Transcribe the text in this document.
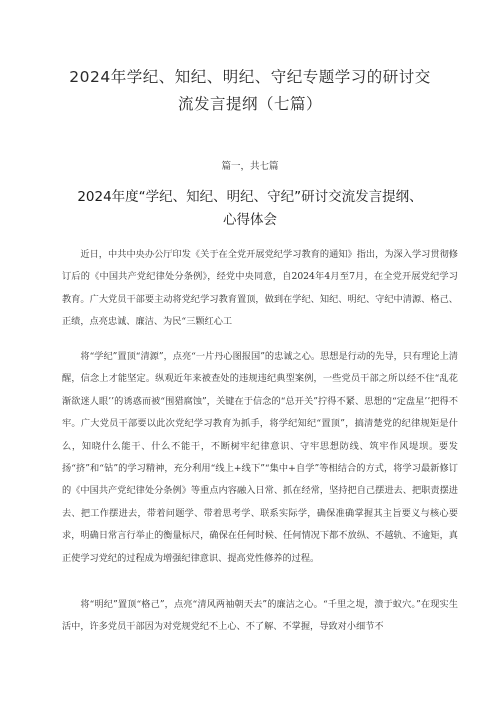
2024年学纪、知纪、明纪、守纪专题学习的研讨交
流发言提纲（七篇）
篇一，共七篇
2024年度“学纪、知纪、明纪、守纪”研讨交流发言提纲、
心得体会
近日，中共中央办公厅印发《关于在全党开展党纪学习教育的通知》指出，为深入学习贯彻修订后的《中国共产党纪律处分条例》，经党中央同意，自2024年4月至7月，在全党开展党纪学习教育。广大党员干部要主动将党纪学习教育置顶，做到在学纪、知纪、明纪、守纪中清源、格己、正绩，点亮忠诚、廉洁、为民“三颗红心工
将“学纪”置顶“清源”，点亮“一片丹心图报国”的忠诚之心。思想是行动的先导，只有理论上清醒，信念上才能坚定。纵观近年来被查处的违规违纪典型案例，一些党员干部之所以经不住“乱花渐欲迷人眼’’的诱惑而被“围猎腐蚀”，关键在于信念的“总开关”拧得不紧、思想的“定盘星’’把得不牢。广大党员干部要以此次党纪学习教育为抓手，将学纪知纪“置顶”，搞清楚党的纪律规矩是什么，知晓什么能干、什么不能干，不断树牢纪律意识、守牢思想防线、筑牢作风堤坝。要发扬“挤”和“钻”的学习精神，充分利用“线上+线下”“集中+自学”等相结合的方式，将学习最新修订的《中国共产党纪律处分条例》等重点内容融入日常、抓在经常，坚持把自己摆进去、把职责摆进去、把工作摆进去，带着问题学、带着思考学、联系实际学，确保准确掌握其主旨要义与核心要求，明确日常言行举止的衡量标尺，确保在任何时候、任何情况下都不放纵、不越轨、不逾矩，真正使学习党纪的过程成为增强纪律意识、提高党性修养的过程。
将“明纪”置顶“格己”，点亮“清风两袖朝天去”的廉洁之心。“千里之堤，溃于蚁穴。”在现实生活中，许多党员干部因为对党规党纪不上心、不了解、不掌握，导致对小细节不
